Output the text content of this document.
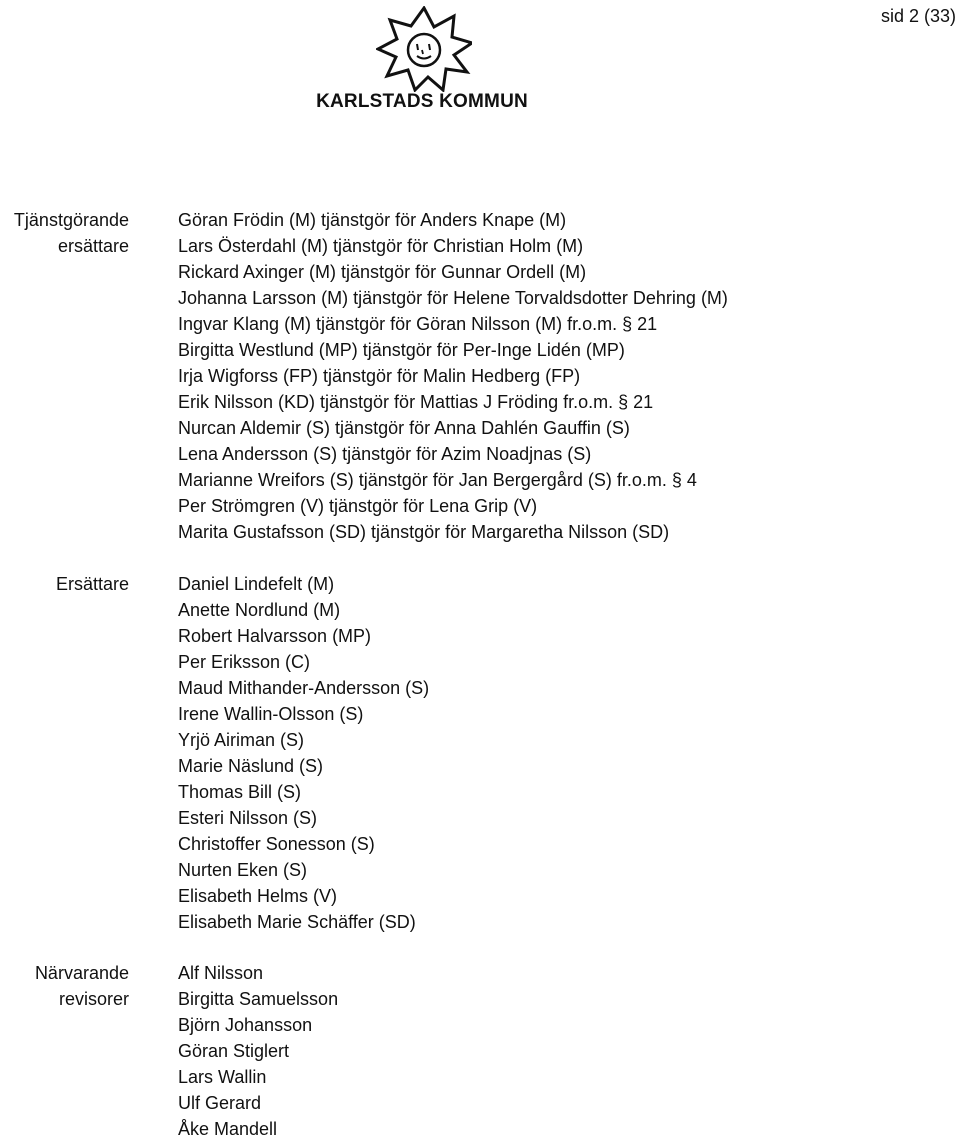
sid 2 (33)
KARLSTADS KOMMUN
Tjänstgörande
ersättare
Göran Frödin (M) tjänstgör för Anders Knape (M)
Lars Österdahl (M) tjänstgör för Christian Holm (M)
Rickard Axinger (M) tjänstgör för Gunnar Ordell (M)
Johanna Larsson (M) tjänstgör för Helene Torvaldsdotter Dehring (M)
Ingvar Klang (M) tjänstgör för Göran Nilsson (M) fr.o.m. § 21
Birgitta Westlund (MP) tjänstgör för Per-Inge Lidén (MP)
Irja Wigforss (FP) tjänstgör för Malin Hedberg (FP)
Erik Nilsson (KD) tjänstgör för Mattias J Fröding fr.o.m. § 21
Nurcan Aldemir (S) tjänstgör för Anna Dahlén Gauffin (S)
Lena Andersson (S) tjänstgör för Azim Noadjnas (S)
Marianne Wreifors (S) tjänstgör för Jan Bergergård (S) fr.o.m. § 4
Per Strömgren (V) tjänstgör för Lena Grip (V)
Marita Gustafsson (SD) tjänstgör för Margaretha Nilsson (SD)
Ersättare	Daniel Lindefelt (M)
Anette Nordlund (M)
Robert Halvarsson (MP)
Per Eriksson (C)
Maud Mithander-Andersson (S)
Irene Wallin-Olsson (S)
Yrjö Airiman (S)
Marie Näslund (S)
Thomas Bill (S)
Esteri Nilsson (S)
Christoffer Sonesson (S)
Nurten Eken (S)
Elisabeth Helms (V)
Elisabeth Marie Schäffer (SD)
Närvarande
revisorer
Alf Nilsson
Birgitta Samuelsson
Björn Johansson
Göran Stiglert
Lars Wallin
Ulf Gerard
Åke Mandell
